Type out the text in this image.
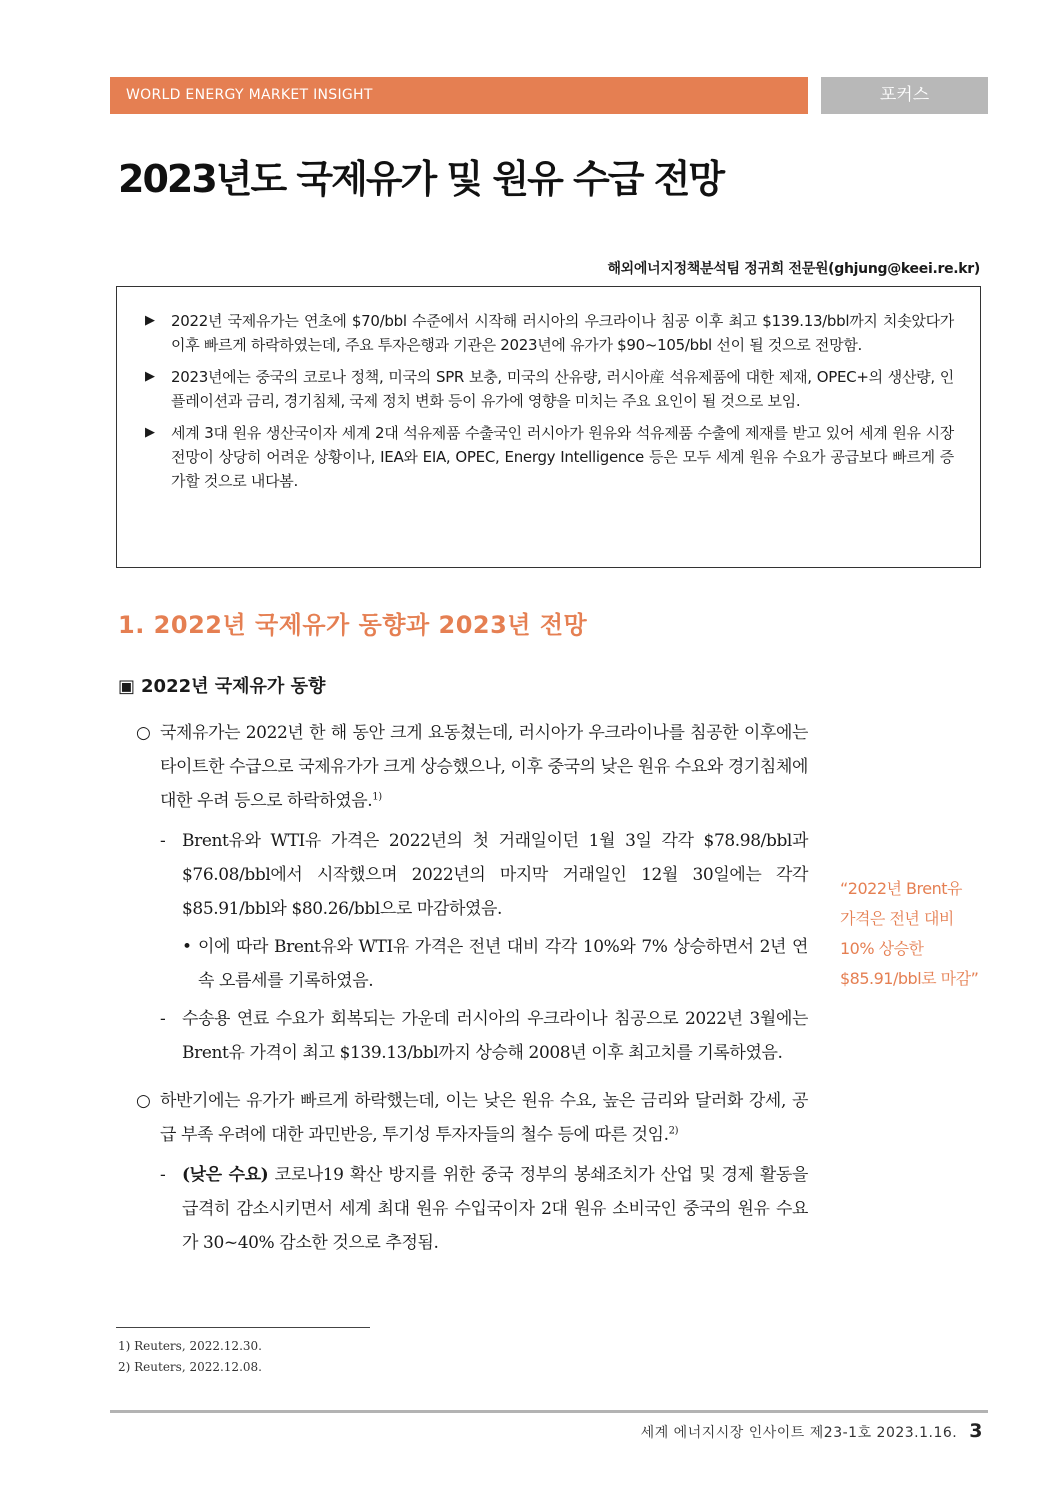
WORLD ENERGY MARKET INSIGHT	포커스
2023년도 국제유가 및 원유 수급 전망
해외에너지정책분석팀 정귀희 전문원(ghjung@keei.re.kr)
▶ 2022년 국제유가는 연초에 $70/bbl 수준에서 시작해 러시아의 우크라이나 침공 이후 최고 $139.13/bbl까지 치솟았다가 이후 빠르게 하락하였는데, 주요 투자은행과 기관은 2023년에 유가가 $90~105/bbl 선이 될 것으로 전망함.
▶ 2023년에는 중국의 코로나 정책, 미국의 SPR 보충, 미국의 산유량, 러시아産 석유제품에 대한 제재, OPEC+의 생산량, 인플레이션과 금리, 경기침체, 국제 정치 변화 등이 유가에 영향을 미치는 주요 요인이 될 것으로 보임.
▶ 세계 3대 원유 생산국이자 세계 2대 석유제품 수출국인 러시아가 원유와 석유제품 수출에 제재를 받고 있어 세계 원유 시장 전망이 상당히 어려운 상황이나, IEA와 EIA, OPEC, Energy Intelligence 등은 모두 세계 원유 수요가 공급보다 빠르게 증가할 것으로 내다봄.
1. 2022년 국제유가 동향과 2023년 전망
▣ 2022년 국제유가 동향
○ 국제유가는 2022년 한 해 동안 크게 요동쳤는데, 러시아가 우크라이나를 침공한 이후에는 타이트한 수급으로 국제유가가 크게 상승했으나, 이후 중국의 낮은 원유 수요와 경기침체에 대한 우려 등으로 하락하였음.$^{1)}$
- Brent유와 WTI유 가격은 2022년의 첫 거래일이던 1월 3일 각각 $78.98/bbl과 $76.08/bbl에서 시작했으며 2022년의 마지막 거래일인 12월 30일에는 각각 $85.91/bbl와 $80.26/bbl으로 마감하였음.
• 이에 따라 Brent유와 WTI유 가격은 전년 대비 각각 10%와 7% 상승하면서 2년 연속 오름세를 기록하였음.
- 수송용 연료 수요가 회복되는 가운데 러시아의 우크라이나 침공으로 2022년 3월에는 Brent유 가격이 최고 $139.13/bbl까지 상승해 2008년 이후 최고치를 기록하였음.
○ 하반기에는 유가가 빠르게 하락했는데, 이는 낮은 원유 수요, 높은 금리와 달러화 강세, 공급 부족 우려에 대한 과민반응, 투기성 투자자들의 철수 등에 따른 것임.$^{2)}$
- (낮은 수요) 코로나19 확산 방지를 위한 중국 정부의 봉쇄조치가 산업 및 경제 활동을 급격히 감소시키면서 세계 최대 원유 수입국이자 2대 원유 소비국인 중국의 원유 수요가 30~40% 감소한 것으로 추정됨.
“2022년 Brent유 가격은 전년 대비 10% 상승한 $85.91/bbl로 마감”
1) Reuters, 2022.12.30.
2) Reuters, 2022.12.08.
세계 에너지시장 인사이트 제23-1호 2023.1.16. 3
